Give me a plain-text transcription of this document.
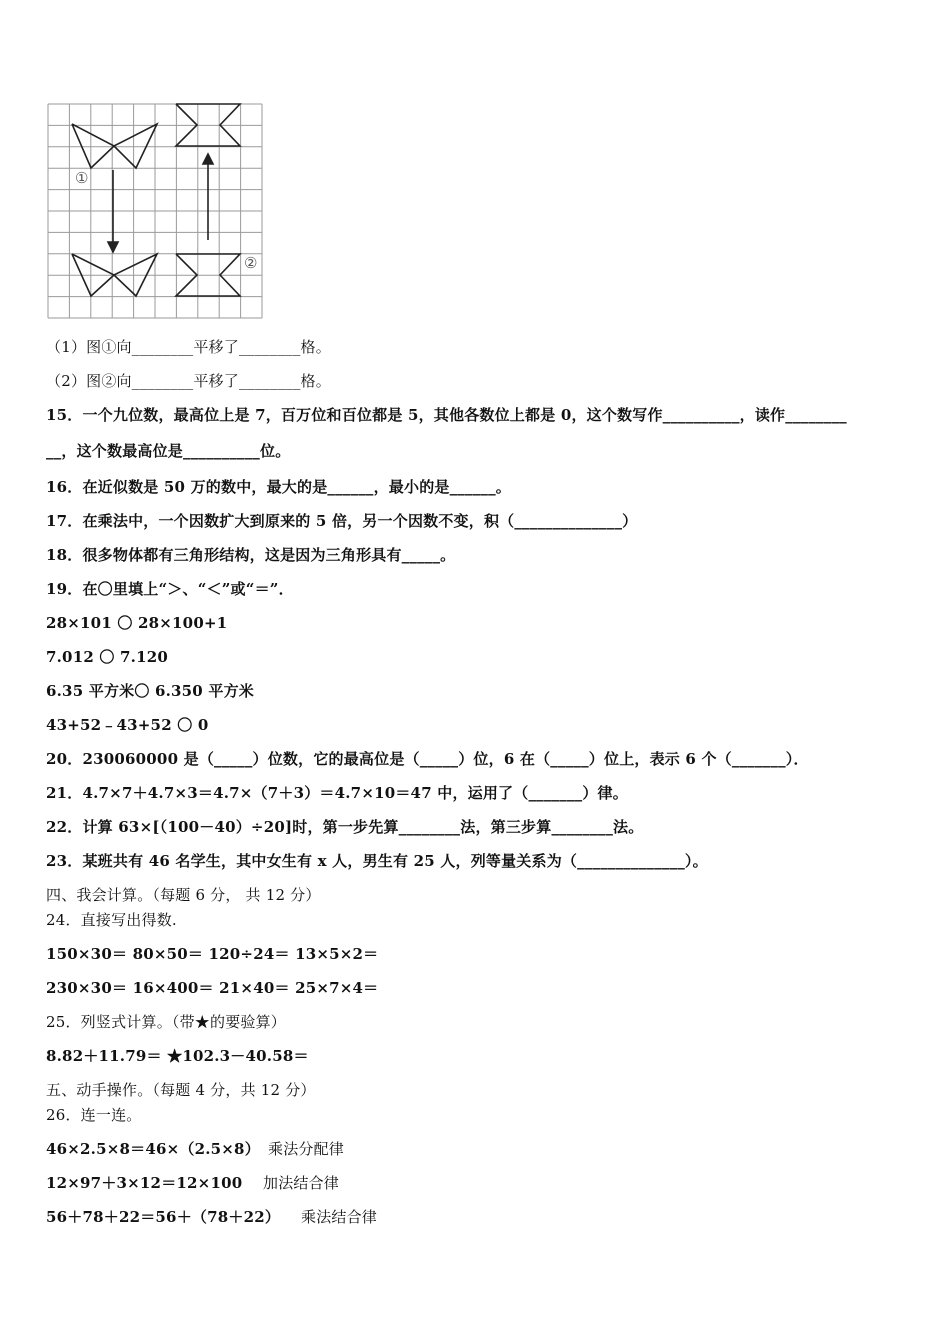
①
②
（1）图①向________平移了________格。
（2）图②向________平移了________格。
15．一个九位数，最高位上是 7，百万位和百位都是 5，其他各数位上都是 0，这个数写作__________，读作________
__，这个数最高位是__________位。
16．在近似数是 50 万的数中，最大的是______，最小的是______。
17．在乘法中，一个因数扩大到原来的 5 倍，另一个因数不变，积（______________）
18．很多物体都有三角形结构，这是因为三角形具有_____。
19．在〇里填上“＞、“＜”或“＝”．
28×101 〇 28×100+1
7.012 〇 7.120
6.35 平方米〇 6.350 平方米
43+52﹣43+52 〇 0
20．230060000 是（_____）位数，它的最高位是（_____）位，6 在（_____）位上，表示 6 个（_______）．
21．4.7×7＋4.7×3＝4.7×（7＋3）＝4.7×10＝47 中，运用了（_______）律。
22．计算 63×[（100－40）÷20]时，第一步先算________法，第三步算________法。
23．某班共有 46 名学生，其中女生有 x 人，男生有 25 人，列等量关系为（______________）。
四、我会计算。（每题 6 分， 共 12 分）
24．直接写出得数.
150×30＝ 80×50＝ 120÷24＝ 13×5×2＝
230×30＝ 16×400＝ 21×40＝ 25×7×4＝
25．列竖式计算。（带★的要验算）
8.82＋11.79＝ ★102.3－40.58＝
五、动手操作。（每题 4 分，共 12 分）
26．连一连。
46×2.5×8＝46×（2.5×8） 乘法分配律
12×97＋3×12＝12×100 加法结合律
56＋78＋22＝56＋（78＋22） 乘法结合律
